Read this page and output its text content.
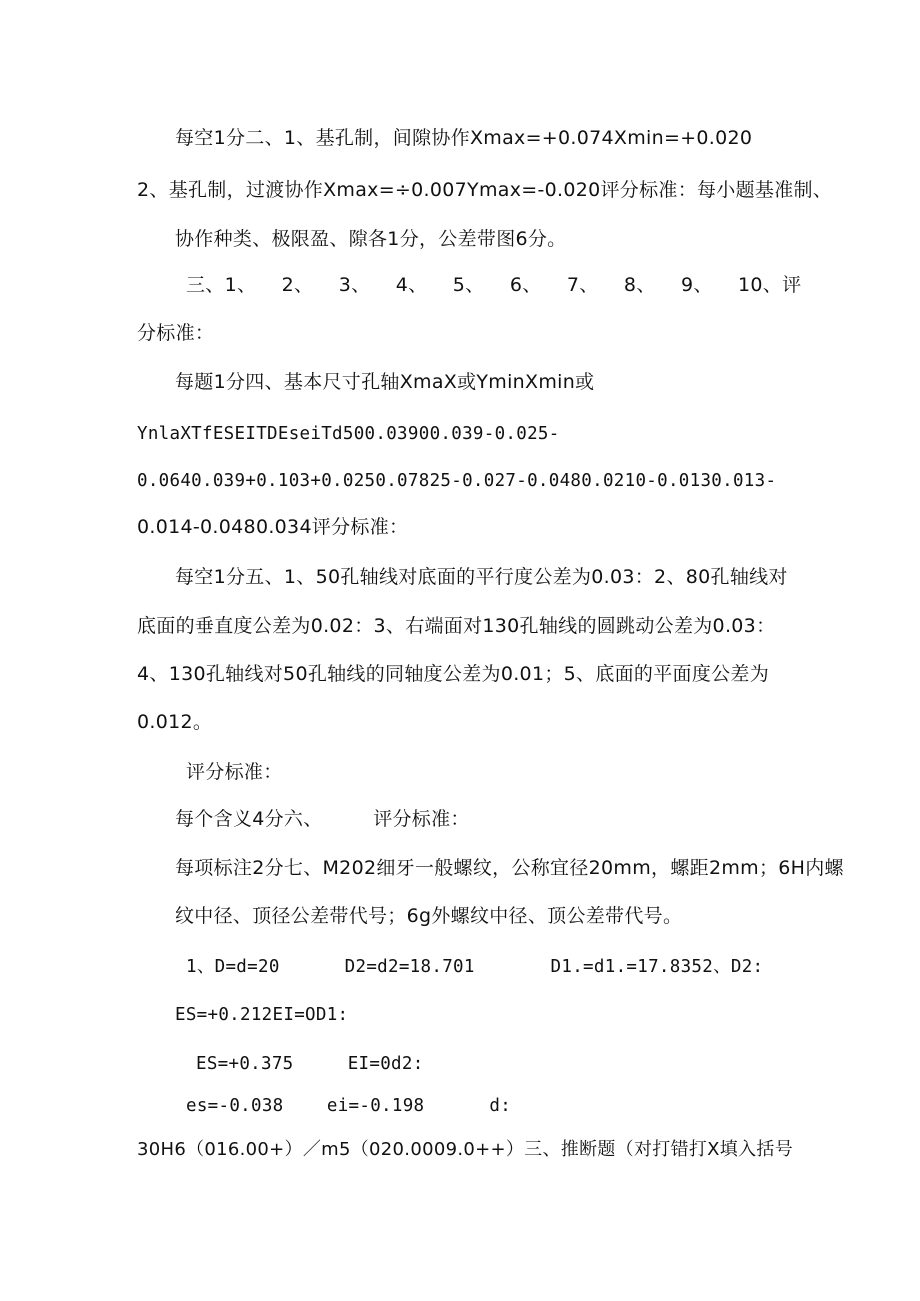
每空1分二、1、基孔制，间隙协作Xmax=+0.074Xmin=+0.020
2、基孔制，过渡协作Xmax=÷0.007Ymax=-0.020评分标准：每小题基准制、
协作种类、极限盈、隙各1分，公差带图6分。
三、1、    2、    3、    4、    5、    6、    7、    8、    9、    10、评
分标准：
每题1分四、基本尺寸孔轴XmaX或YminXmin或
YnlaXTfESEITDEseiTd500.03900.039-0.025-
0.0640.039+0.103+0.0250.07825-0.027-0.0480.0210-0.0130.013-
0.014-0.0480.034评分标准：
每空1分五、1、50孔轴线对底面的平行度公差为0.03：2、80孔轴线对
底面的垂直度公差为0.02：3、右端面对130孔轴线的圆跳动公差为0.03：
4、130孔轴线对50孔轴线的同轴度公差为0.01；5、底面的平面度公差为
0.012。
评分标准：
每个含义4分六、        评分标准：
每项标注2分七、M202细牙一般螺纹，公称宜径20mm，螺距2mm；6H内螺
纹中径、顶径公差带代号；6g外螺纹中径、顶公差带代号。
1、D=d=20      D2=d2=18.701       D1.=d1.=17.8352、D2:
ES=+0.212EI=OD1:
ES=+0.375     EI=0d2:
es=-0.038    ei=-0.198      d:
30H6（016.00+）／m5（020.0009.0++）三、推断题（对打错打X填入括号
